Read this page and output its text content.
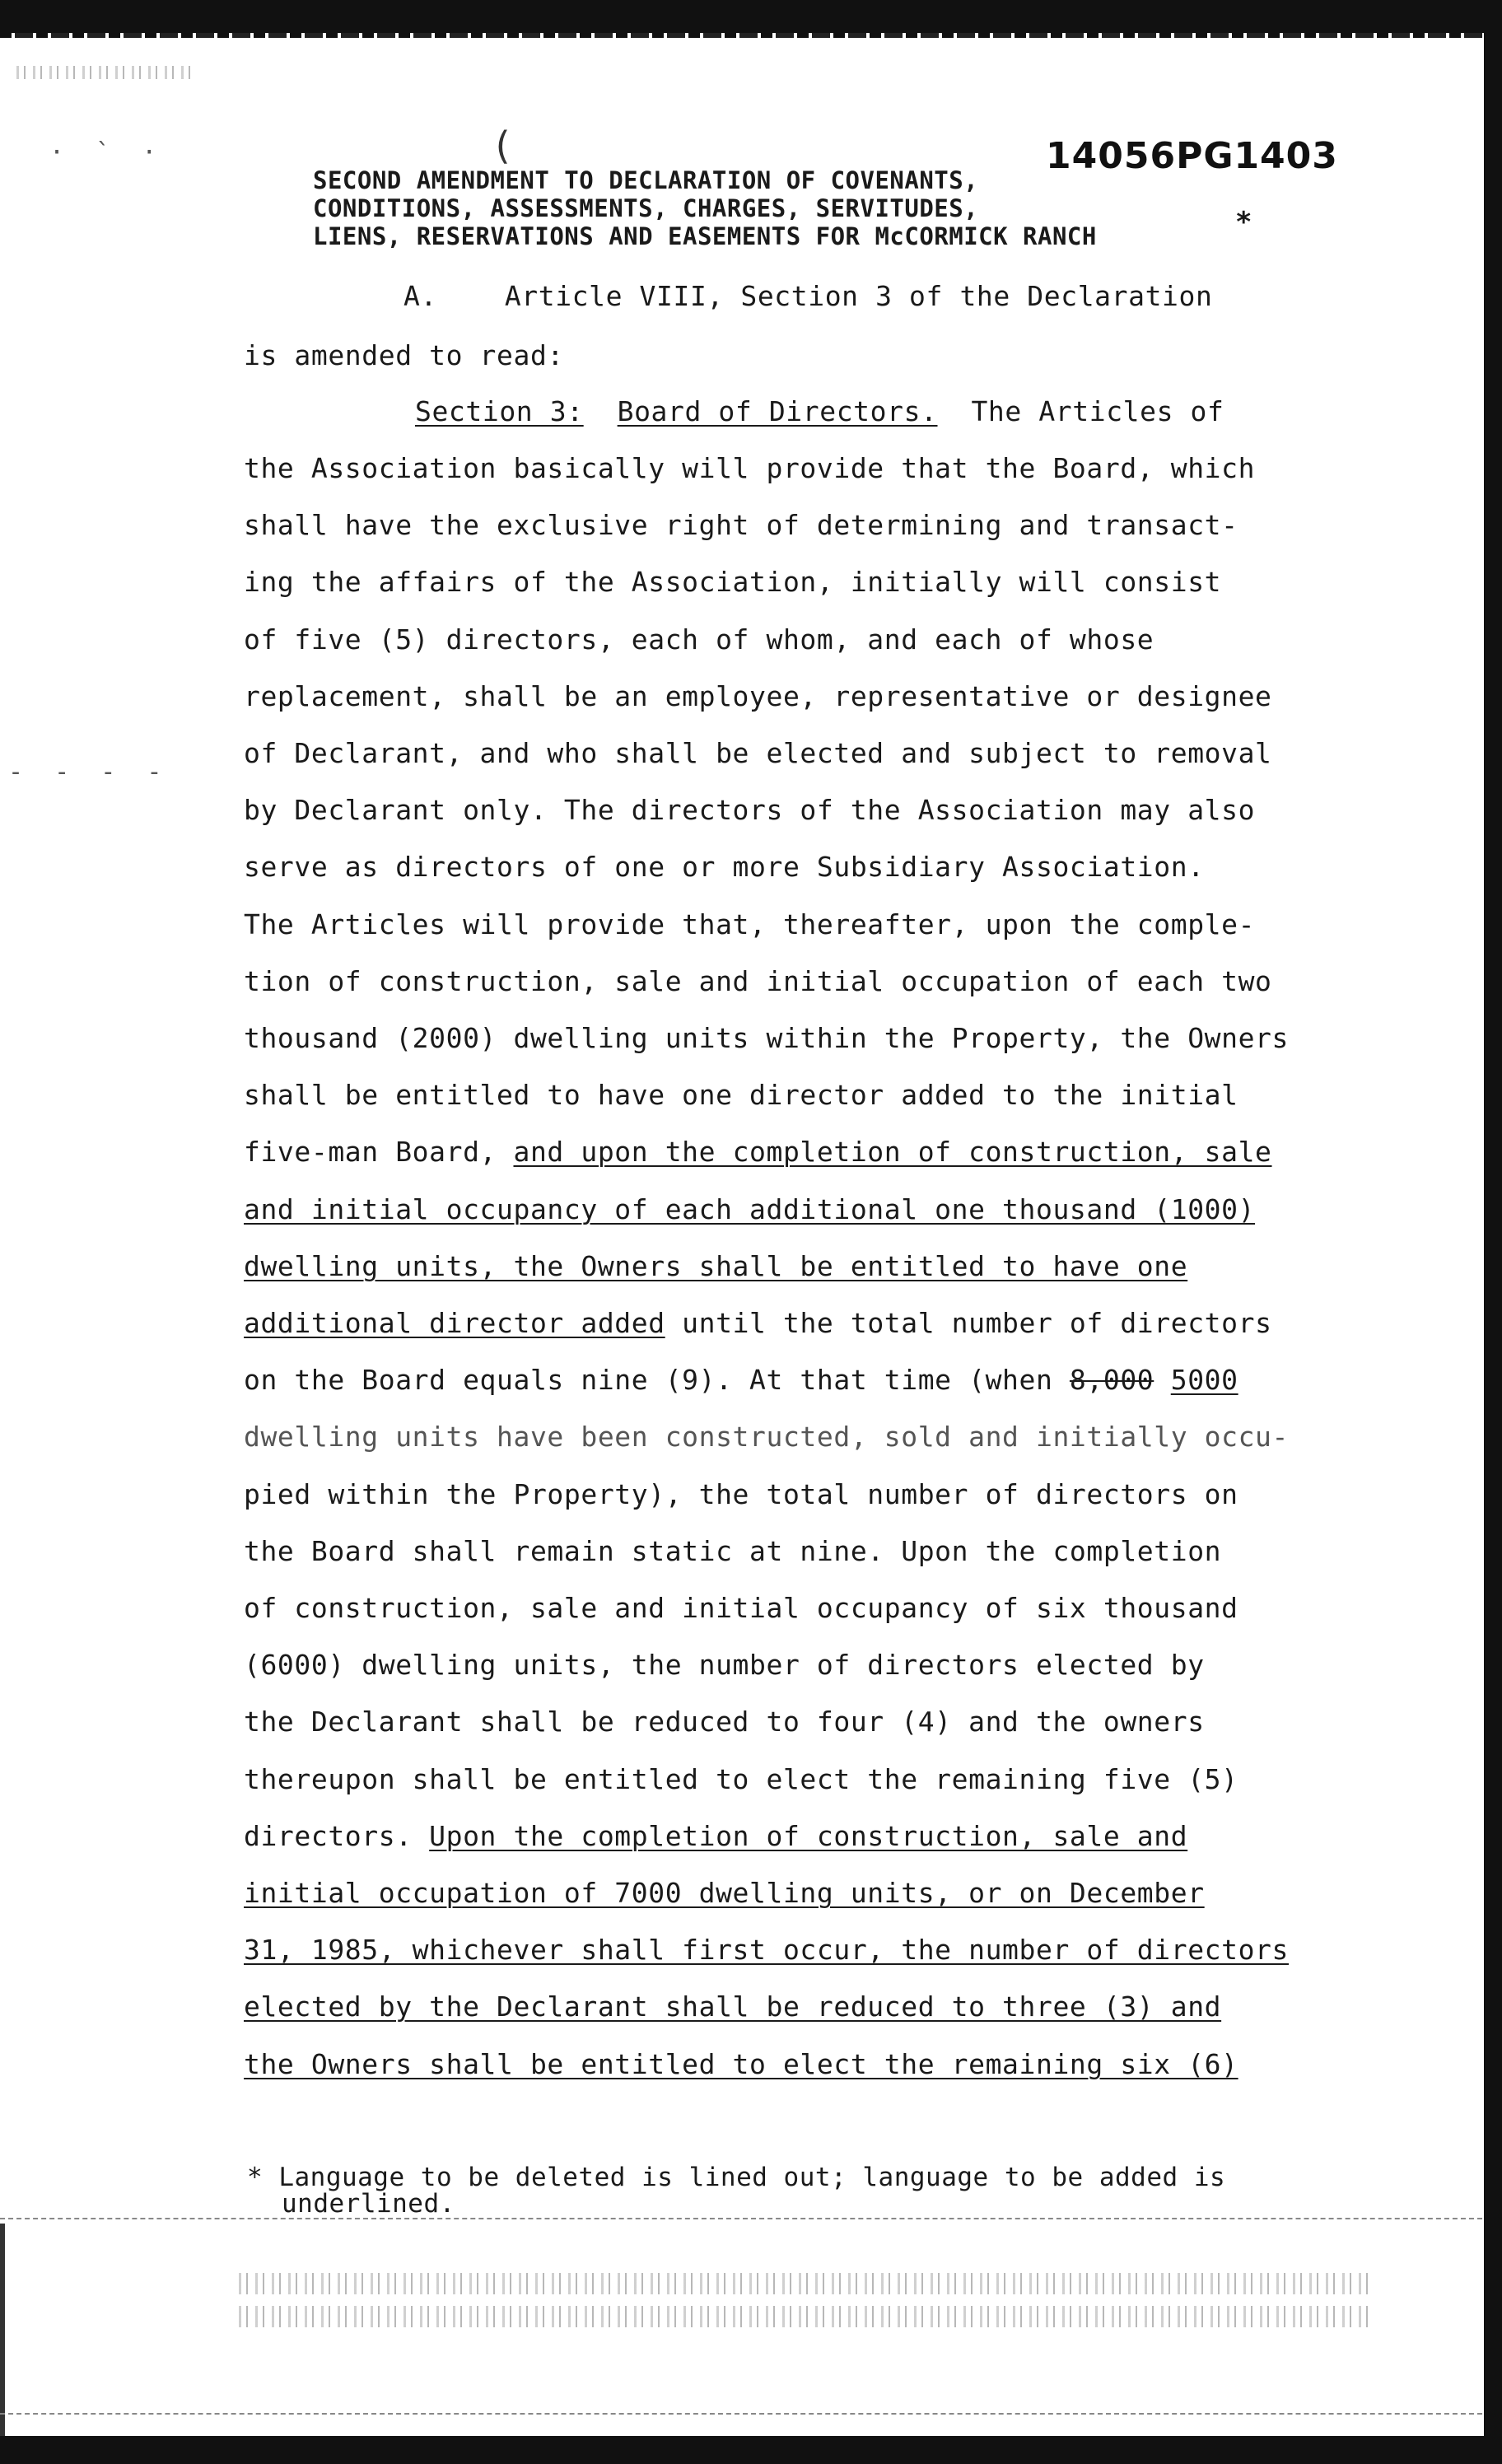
- - - -
· ` ·	(	14056PG1403
SECOND AMENDMENT TO DECLARATION OF COVENANTS,
CONDITIONS, ASSESSMENTS, CHARGES, SERVITUDES,
LIENS, RESERVATIONS AND EASEMENTS FOR McCORMICK RANCH	*
A. Article VIII, Section 3 of the Declaration
is amended to read:
Section 3: Board of Directors. The Articles of
the Association basically will provide that the Board, which
shall have the exclusive right of determining and transact-
ing the affairs of the Association, initially will consist
of five (5) directors, each of whom, and each of whose
replacement, shall be an employee, representative or designee
of Declarant, and who shall be elected and subject to removal
by Declarant only. The directors of the Association may also
serve as directors of one or more Subsidiary Association.
The Articles will provide that, thereafter, upon the comple-
tion of construction, sale and initial occupation of each two
thousand (2000) dwelling units within the Property, the Owners
shall be entitled to have one director added to the initial
five-man Board, and upon the completion of construction, sale
and initial occupancy of each additional one thousand (1000)
dwelling units, the Owners shall be entitled to have one
additional director added until the total number of directors
on the Board equals nine (9). At that time (when 8,000 5000
dwelling units have been constructed, sold and initially occu-
pied within the Property), the total number of directors on
the Board shall remain static at nine. Upon the completion
of construction, sale and initial occupancy of six thousand
(6000) dwelling units, the number of directors elected by
the Declarant shall be reduced to four (4) and the owners
thereupon shall be entitled to elect the remaining five (5)
directors. Upon the completion of construction, sale and
initial occupation of 7000 dwelling units, or on December
31, 1985, whichever shall first occur, the number of directors
elected by the Declarant shall be reduced to three (3) and
the Owners shall be entitled to elect the remaining six (6)
* Language to be deleted is lined out; language to be added is
underlined.
